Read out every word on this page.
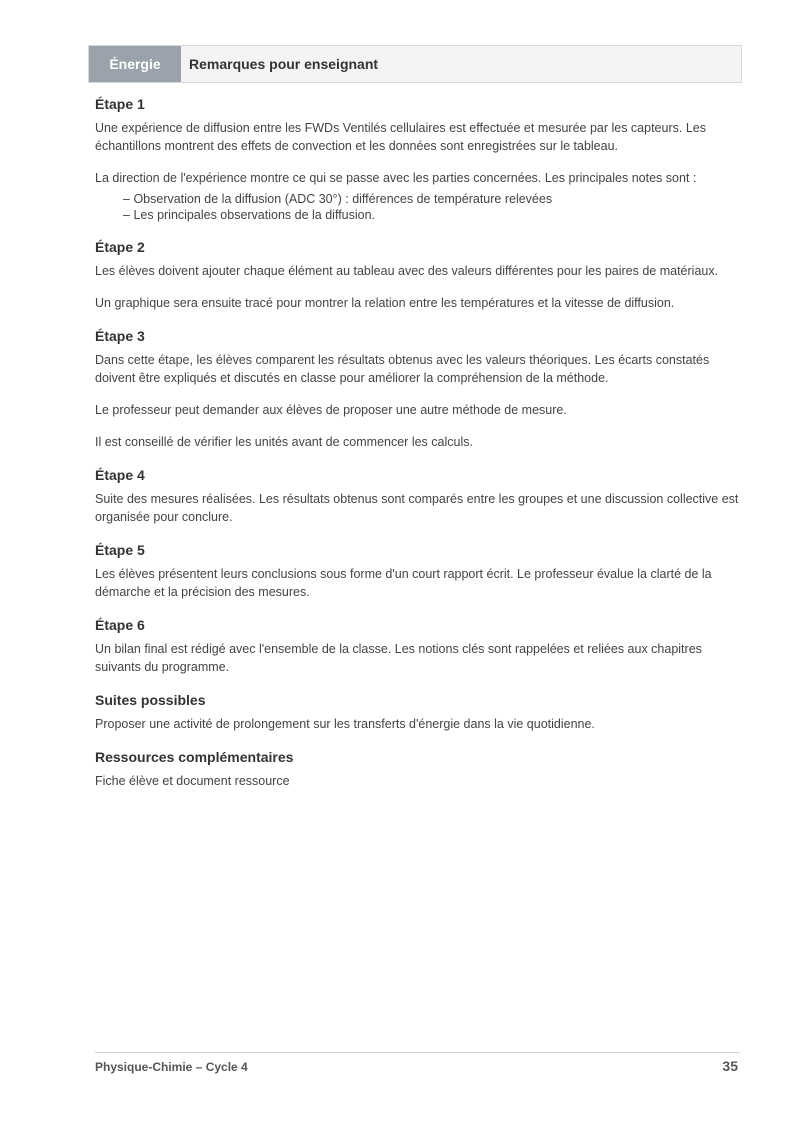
Énergie	Remarques pour enseignant
Étape 1

Une expérience de diffusion entre les FWDs Ventilés cellulaires est effectuée et mesurée par les capteurs. Les échantillons montrent des effets de convection et les données sont enregistrées sur le tableau.

La direction de l'expérience montre ce qui se passe avec les parties concernées. Les principales notes sont :

– Observation de la diffusion (ADC 30°) : différences de température relevées
– Les principales observations de la diffusion.
Étape 2

Les élèves doivent ajouter chaque élément au tableau avec des valeurs différentes pour les paires de matériaux.

Un graphique sera ensuite tracé pour montrer la relation entre les températures et la vitesse de diffusion.

Étape 3

Dans cette étape, les élèves comparent les résultats obtenus avec les valeurs théoriques. Les écarts constatés doivent être expliqués et discutés en classe pour améliorer la compréhension de la méthode.

Le professeur peut demander aux élèves de proposer une autre méthode de mesure.

Il est conseillé de vérifier les unités avant de commencer les calculs.

Étape 4

Suite des mesures réalisées. Les résultats obtenus sont comparés entre les groupes et une discussion collective est organisée pour conclure.

Étape 5

Les élèves présentent leurs conclusions sous forme d'un court rapport écrit. Le professeur évalue la clarté de la démarche et la précision des mesures.

Étape 6

Un bilan final est rédigé avec l'ensemble de la classe. Les notions clés sont rappelées et reliées aux chapitres suivants du programme.

Suites possibles

Proposer une activité de prolongement sur les transferts d'énergie dans la vie quotidienne.

Ressources complémentaires

Fiche élève et document ressource

Physique-Chimie – Cycle 4	35
